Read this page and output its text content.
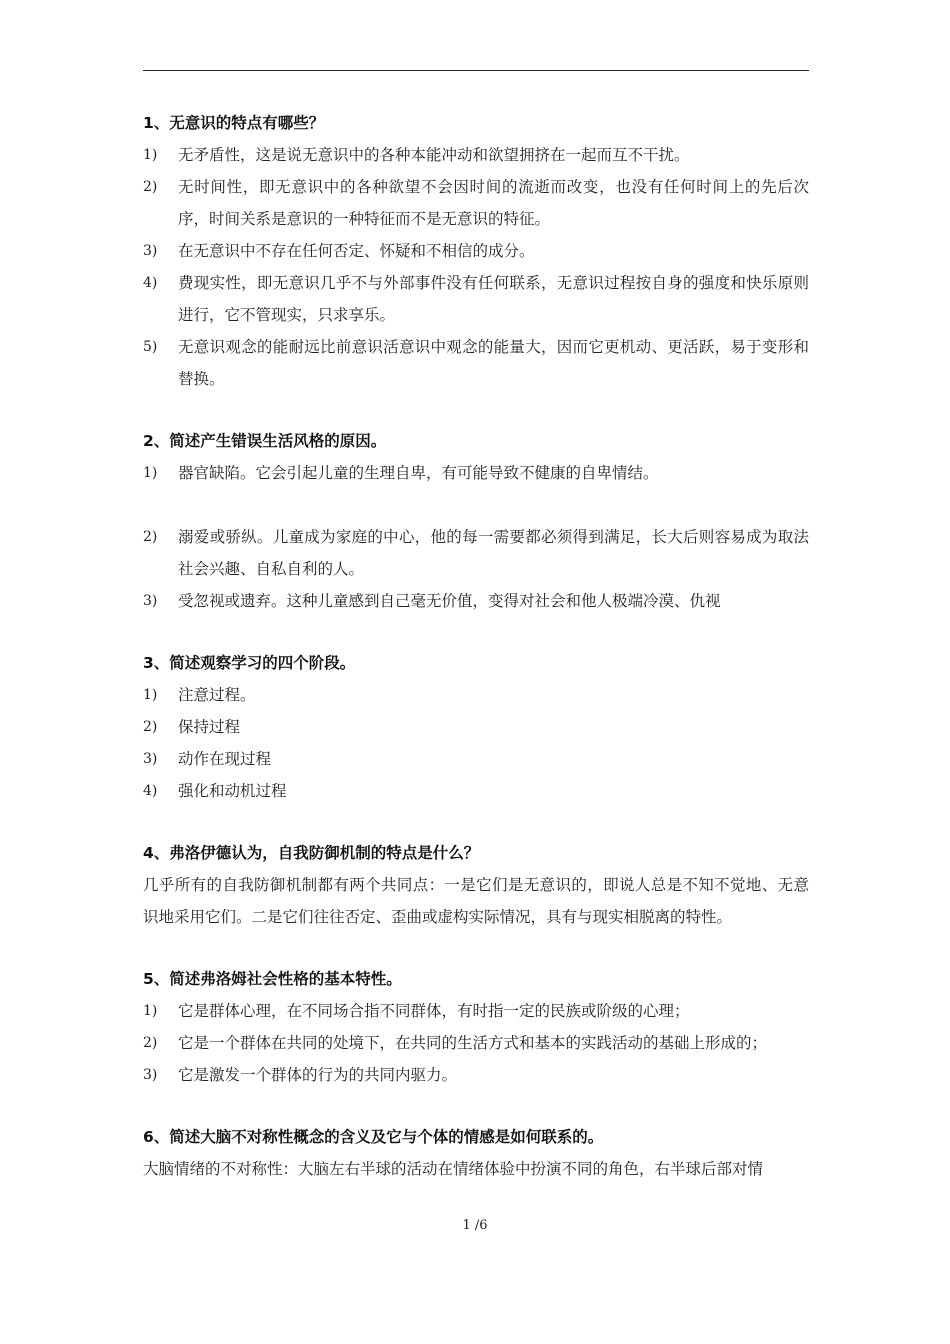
1、无意识的特点有哪些？
1) 无矛盾性，这是说无意识中的各种本能冲动和欲望拥挤在一起而互不干扰。
2) 无时间性，即无意识中的各种欲望不会因时间的流逝而改变，也没有任何时间上的先后次序，时间关系是意识的一种特征而不是无意识的特征。
3) 在无意识中不存在任何否定、怀疑和不相信的成分。
4) 费现实性，即无意识几乎不与外部事件没有任何联系，无意识过程按自身的强度和快乐原则进行，它不管现实，只求享乐。
5) 无意识观念的能耐远比前意识活意识中观念的能量大，因而它更机动、更活跃，易于变形和替换。
2、简述产生错误生活风格的原因。
1) 器官缺陷。它会引起儿童的生理自卑，有可能导致不健康的自卑情结。
2) 溺爱或骄纵。儿童成为家庭的中心，他的每一需要都必须得到满足，长大后则容易成为取法社会兴趣、自私自利的人。
3) 受忽视或遗弃。这种儿童感到自己毫无价值，变得对社会和他人极端冷漠、仇视
3、简述观察学习的四个阶段。
1) 注意过程。
2) 保持过程
3) 动作在现过程
4) 强化和动机过程
4、弗洛伊德认为，自我防御机制的特点是什么？
几乎所有的自我防御机制都有两个共同点：一是它们是无意识的，即说人总是不知不觉地、无意识地采用它们。二是它们往往否定、歪曲或虚构实际情况，具有与现实相脱离的特性。
5、简述弗洛姆社会性格的基本特性。
1) 它是群体心理，在不同场合指不同群体，有时指一定的民族或阶级的心理；
2) 它是一个群体在共同的处境下，在共同的生活方式和基本的实践活动的基础上形成的；
3) 它是激发一个群体的行为的共同内驱力。
6、简述大脑不对称性概念的含义及它与个体的情感是如何联系的。
大脑情绪的不对称性：大脑左右半球的活动在情绪体验中扮演不同的角色，右半球后部对情
1 /6
